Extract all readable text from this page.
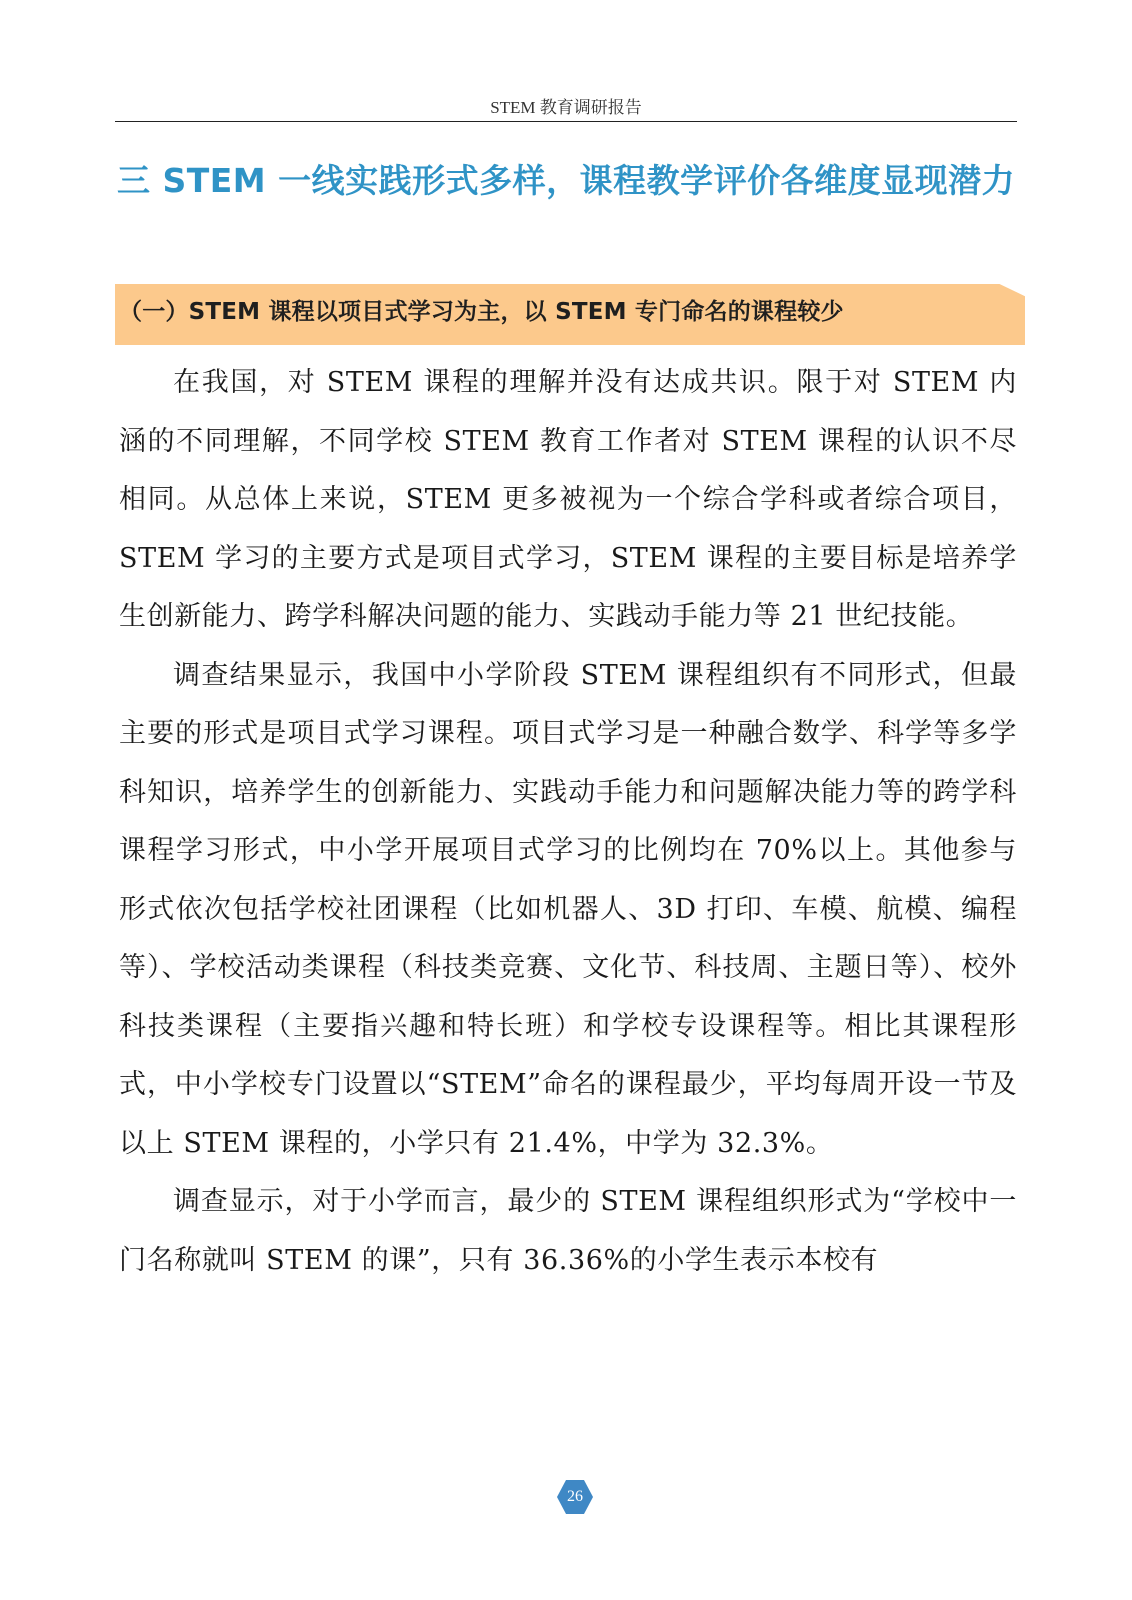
STEM 教育调研报告
三 STEM 一线实践形式多样，课程教学评价各维度显现潜力
（一）STEM 课程以项目式学习为主，以 STEM 专门命名的课程较少

在我国，对 STEM 课程的理解并没有达成共识。限于对 STEM 内涵的不同理解，不同学校 STEM 教育工作者对 STEM 课程的认识不尽相同。从总体上来说，STEM 更多被视为一个综合学科或者综合项目，STEM 学习的主要方式是项目式学习，STEM 课程的主要目标是培养学生创新能力、跨学科解决问题的能力、实践动手能力等 21 世纪技能。

调查结果显示，我国中小学阶段 STEM 课程组织有不同形式，但最主要的形式是项目式学习课程。项目式学习是一种融合数学、科学等多学科知识，培养学生的创新能力、实践动手能力和问题解决能力等的跨学科课程学习形式，中小学开展项目式学习的比例均在 70%以上。其他参与形式依次包括学校社团课程（比如机器人、3D 打印、车模、航模、编程等）、学校活动类课程（科技类竞赛、文化节、科技周、主题日等）、校外科技类课程（主要指兴趣和特长班）和学校专设课程等。相比其课程形式，中小学校专门设置以“STEM”命名的课程最少，平均每周开设一节及以上 STEM 课程的，小学只有 21.4%，中学为 32.3%。

调查显示，对于小学而言，最少的 STEM 课程组织形式为“学校中一门名称就叫 STEM 的课”，只有 36.36%的小学生表示本校有

26
